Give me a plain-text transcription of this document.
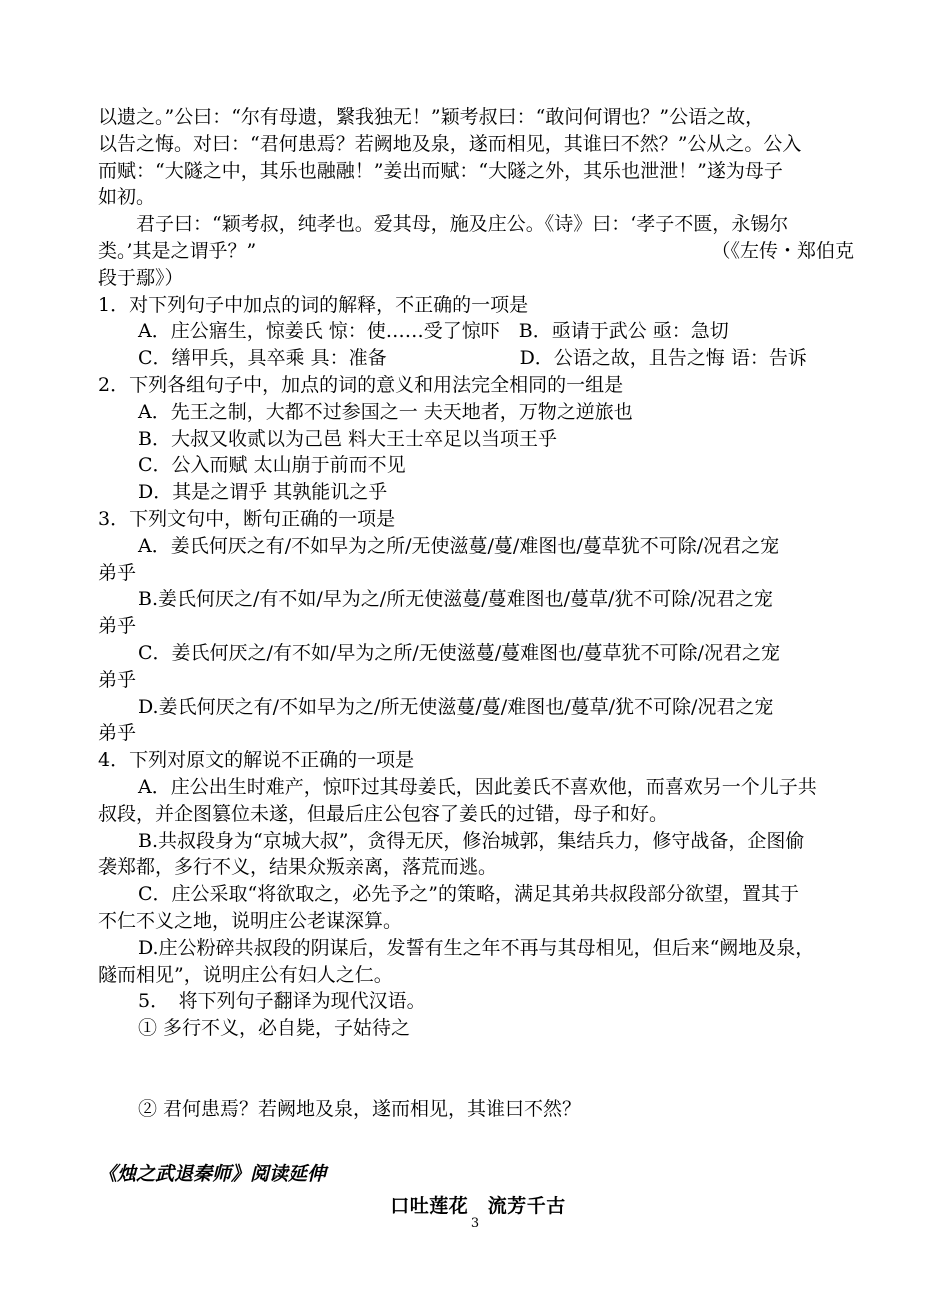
以遗之。”公曰：“尔有母遗，繄我独无！”颖考叔曰：“敢问何谓也？”公语之故，
以告之悔。对曰：“君何患焉？若阙地及泉，遂而相见，其谁曰不然？”公从之。公入
而赋：“大隧之中，其乐也融融！”姜出而赋：“大隧之外，其乐也泄泄！”遂为母子
如初。
君子曰：“颖考叔，纯孝也。爱其母，施及庄公。《诗》曰：‘孝子不匮，永锡尔
类。’其是之谓乎？”	（《左传・郑伯克
段于鄢》）
1．对下列句子中加点的词的解释，不正确的一项是
A．庄公寤生，惊姜氏 惊：使……受了惊吓　B．亟请于武公 亟：急切
C．缮甲兵，具卒乘 具：准备　　　　　　　D．公语之故，且告之悔 语：告诉
2．下列各组句子中，加点的词的意义和用法完全相同的一组是
A．先王之制，大都不过参国之一 夫天地者，万物之逆旅也
B．大叔又收贰以为己邑 料大王士卒足以当项王乎
C．公入而赋 太山崩于前而不见
D．其是之谓乎 其孰能讥之乎
3．下列文句中，断句正确的一项是
A．姜氏何厌之有/不如早为之所/无使滋蔓/蔓/难图也/蔓草犹不可除/况君之宠
弟乎
B.姜氏何厌之/有不如/早为之/所无使滋蔓/蔓难图也/蔓草/犹不可除/况君之宠
弟乎
C．姜氏何厌之/有不如/早为之所/无使滋蔓/蔓难图也/蔓草犹不可除/况君之宠
弟乎
D.姜氏何厌之有/不如早为之/所无使滋蔓/蔓/难图也/蔓草/犹不可除/况君之宠
弟乎
4．下列对原文的解说不正确的一项是
A．庄公出生时难产，惊吓过其母姜氏，因此姜氏不喜欢他，而喜欢另一个儿子共
叔段，并企图篡位未遂，但最后庄公包容了姜氏的过错，母子和好。
B.共叔段身为“京城大叔”，贪得无厌，修治城郭，集结兵力，修守战备，企图偷
袭郑都，多行不义，结果众叛亲离，落荒而逃。
C．庄公采取“将欲取之，必先予之”的策略，满足其弟共叔段部分欲望，置其于
不仁不义之地，说明庄公老谋深算。
D.庄公粉碎共叔段的阴谋后，发誓有生之年不再与其母相见，但后来“阙地及泉，
隧而相见”，说明庄公有妇人之仁。
5．　将下列句子翻译为现代汉语。
① 多行不义，必自毙，子姑待之
② 君何患焉？若阙地及泉，遂而相见，其谁曰不然？
《烛之武退秦师》阅读延伸
口吐莲花　流芳千古
3
